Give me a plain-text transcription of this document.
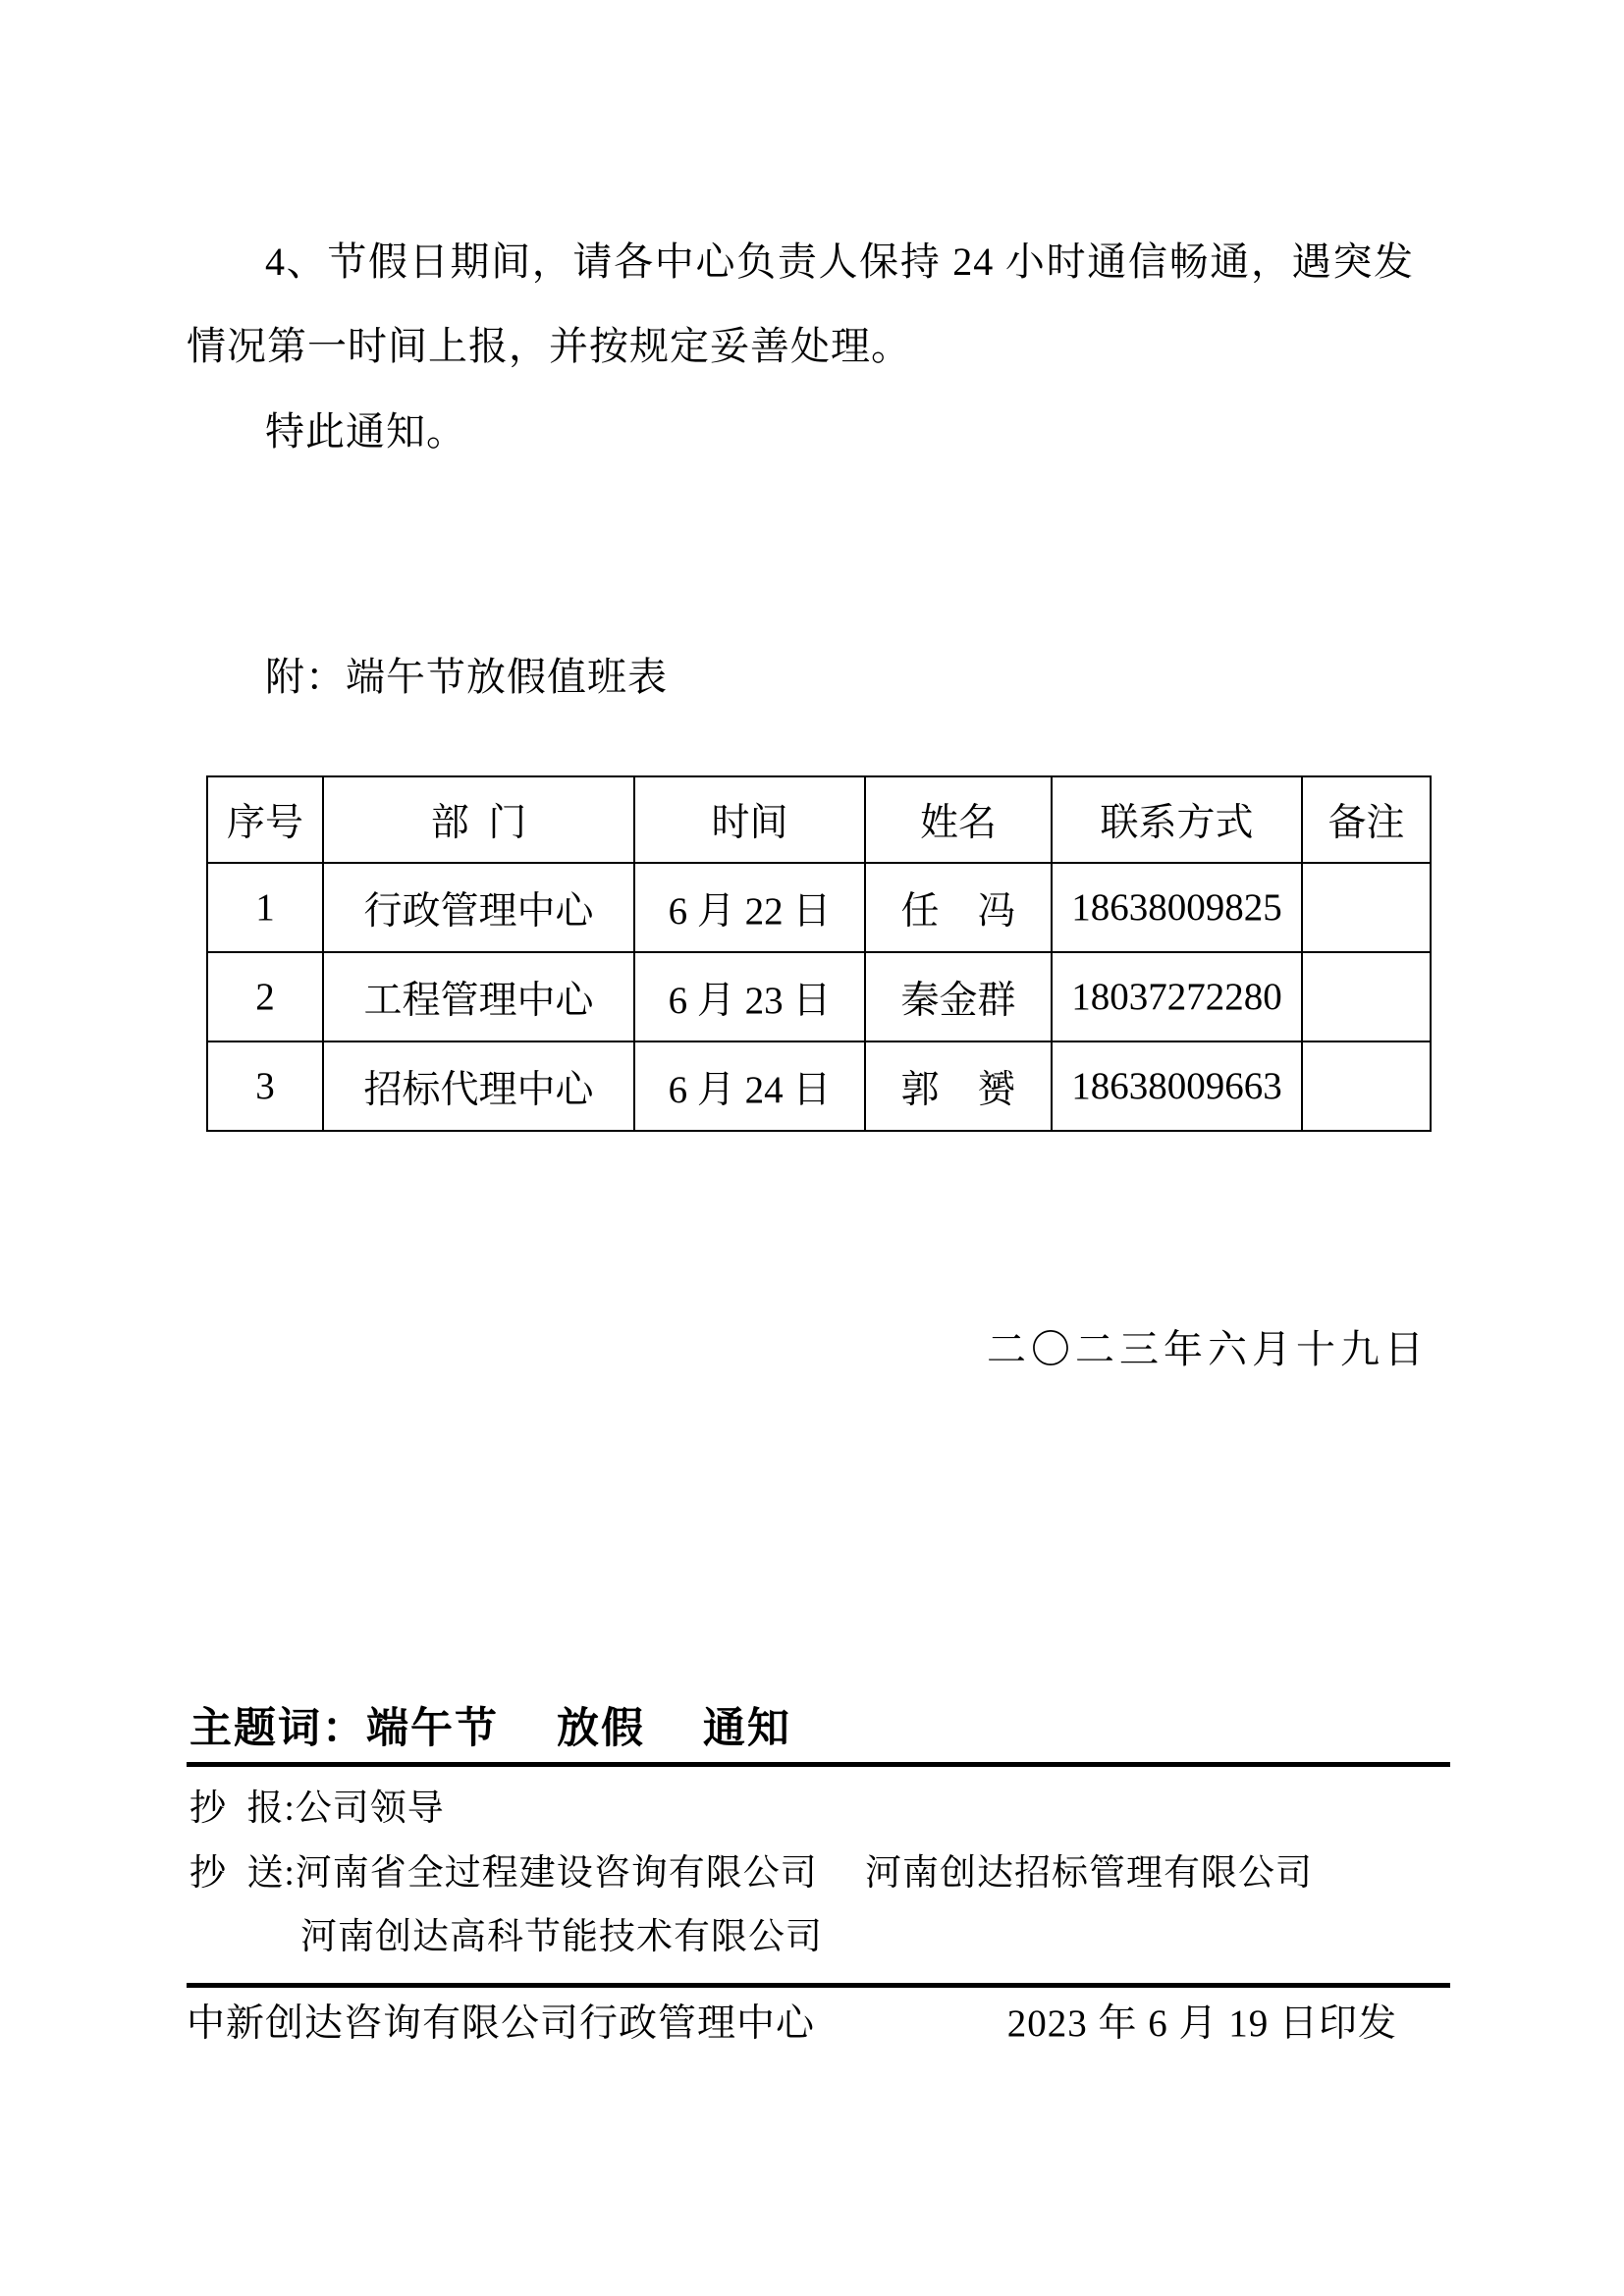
4、节假日期间，请各中心负责人保持 24 小时通信畅通，遇突发情况第一时间上报，并按规定妥善处理。
特此通知。
附：端午节放假值班表
序号	部  门	时间	姓名	联系方式	备注
1	行政管理中心	6 月 22 日	任　冯	18638009825	
2	工程管理中心	6 月 23 日	秦金群	18037272280	
3	招标代理中心	6 月 24 日	郭　赟	18638009663	
二〇二三年六月十九日
主题词：端午节　 放假　 通知
抄  报:公司领导
抄  送:河南省全过程建设咨询有限公司　 河南创达招标管理有限公司
河南创达高科节能技术有限公司
中新创达咨询有限公司行政管理中心	2023 年 6 月 19 日印发
